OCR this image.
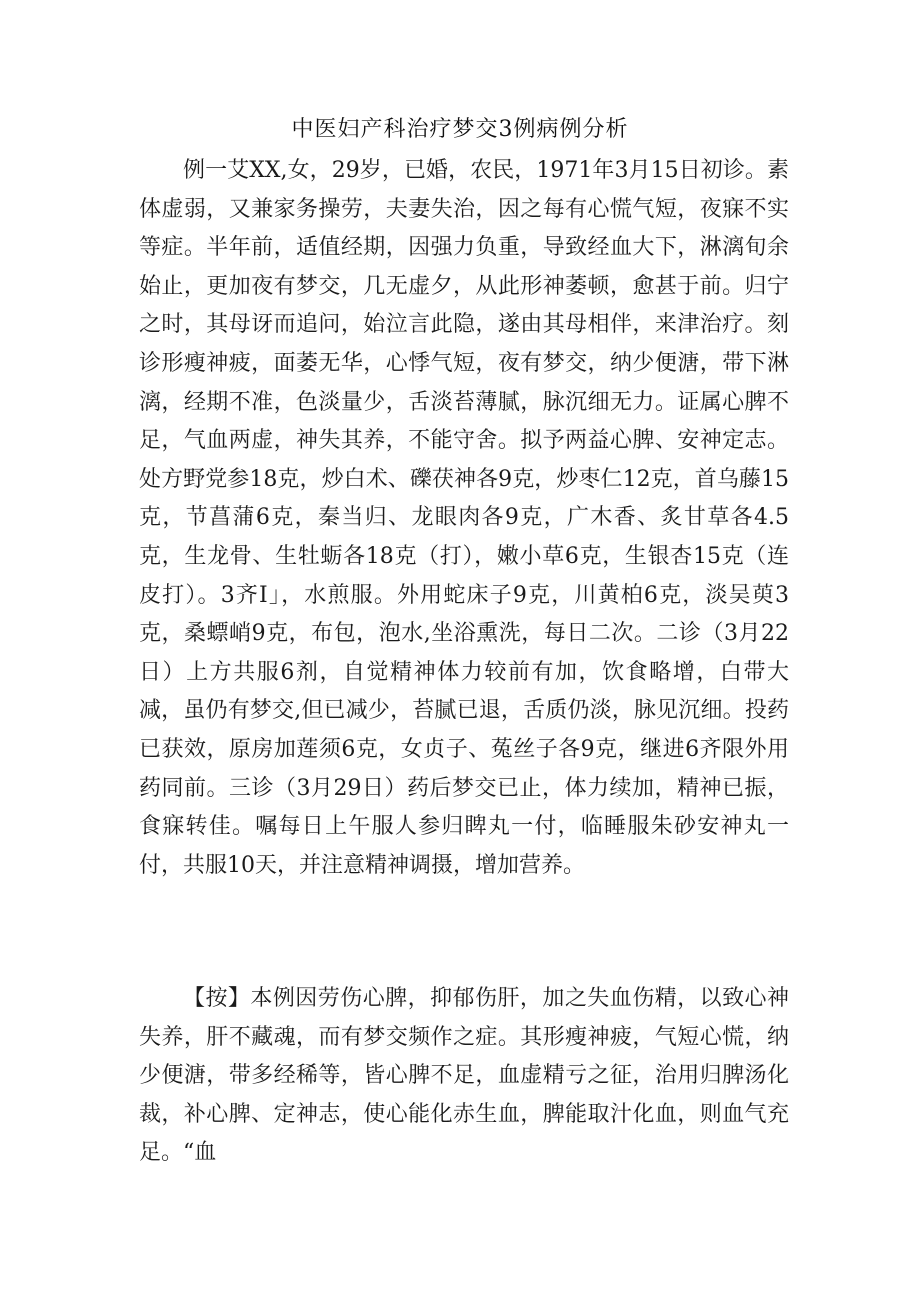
中医妇产科治疗梦交3例病例分析

例一艾XX,女，29岁，已婚，农民，1971年3月15日初诊。素体虚弱，又兼家务操劳，夫妻失治，因之每有心慌气短，夜寐不实等症。半年前，适值经期，因强力负重，导致经血大下，淋漓旬余始止，更加夜有梦交，几无虚夕，从此形神萎顿，愈甚于前。归宁之时，其母讶而追问，始泣言此隐，遂由其母相伴，来津治疗。刻诊形瘦神疲，面萎无华，心悸气短，夜有梦交，纳少便溏，带下淋漓，经期不准，色淡量少，舌淡苔薄腻，脉沉细无力。证属心脾不足，气血两虚，神失其养，不能守舍。拟予两益心脾、安神定志。处方野党参18克，炒白术、礫茯神各9克，炒枣仁12克，首乌藤15克，节菖蒲6克，秦当归、龙眼肉各9克，广木香、炙甘草各4.5克，生龙骨、生牡蛎各18克（打），嫩小草6克，生银杏15克（连皮打）。3齐I」，水煎服。外用蛇床子9克，川黄柏6克，淡吴萸3克，桑螵峭9克，布包，泡水,坐浴熏洗，每日二次。二诊（3月22日）上方共服6剂，自觉精神体力较前有加，饮食略增，白带大减，虽仍有梦交,但已减少，苔腻已退，舌质仍淡，脉见沉细。投药已获效，原房加莲须6克，女贞子、菟丝子各9克，继进6齐限外用药同前。三诊（3月29日）药后梦交已止，体力续加，精神已振，食寐转佳。嘱每日上午服人参归睥丸一付，临睡服朱砂安神丸一付，共服10天，并注意精神调摄，增加营养。

【按】本例因劳伤心脾，抑郁伤肝，加之失血伤精，以致心神失养，肝不藏魂，而有梦交频作之症。其形瘦神疲，气短心慌，纳少便溏，带多经稀等，皆心脾不足，血虚精亏之征，治用归脾汤化裁，补心脾、定神志，使心能化赤生血，脾能取汁化血，则血气充足。“血
